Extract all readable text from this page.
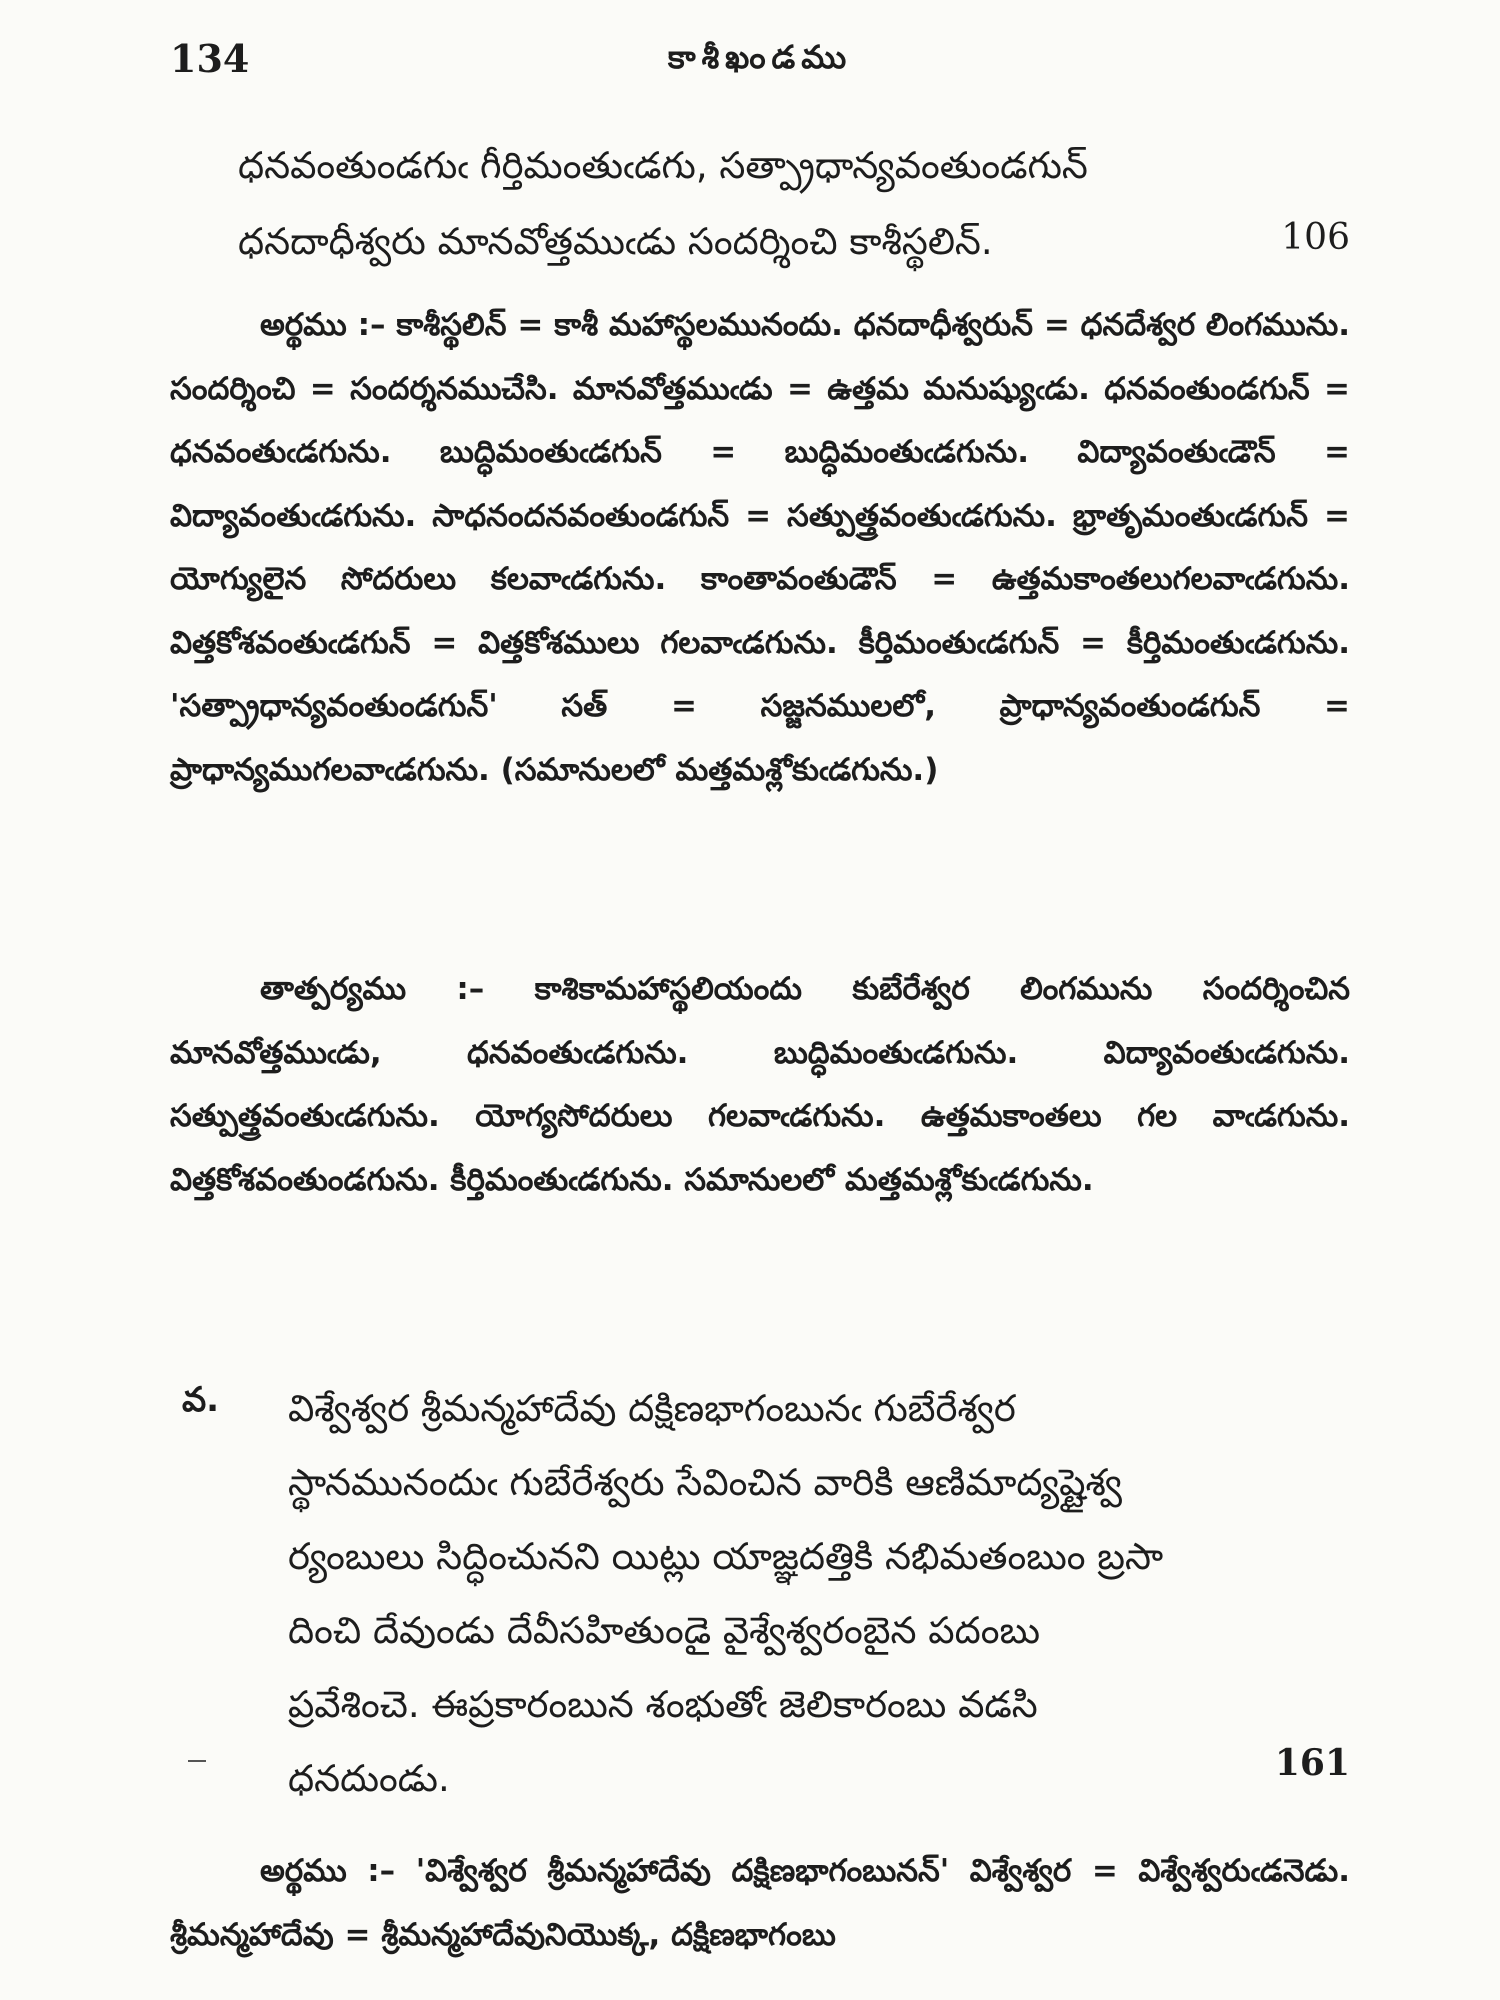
134	కాశీఖండము
ధనవంతుండగుఁ గీర్తిమంతుఁడగు, సత్ప్రాధాన్యవంతుండగున్
ధనదాధీశ్వరు మానవోత్తముఁడు సందర్శించి కాశీస్థలిన్.	106

అర్థము :– కాశీస్థలిన్ = కాశీ మహాస్థలమునందు. ధనదాధీశ్వరున్ = ధనదేశ్వర లింగమును. సందర్శించి = సందర్శనముచేసి. మానవోత్తముఁడు = ఉత్తమ మనుష్యుఁడు. ధనవంతుండగున్ = ధనవంతుఁడగును. బుద్ధిమంతుఁడగున్ = బుద్ధిమంతుఁడగును. విద్యావంతుఁడౌన్ = విద్యావంతుఁడగును. సాధనందనవంతుండగున్ = సత్పుత్త్రవంతుఁడగును. భ్రాతృమంతుఁడగున్ = యోగ్యులైన సోదరులు కలవాఁడగును. కాంతావంతుడౌన్ = ఉత్తమకాంతలుగలవాఁడగును. విత్తకోశవంతుఁడగున్ = విత్తకోశములు గలవాఁడగును. కీర్తిమంతుఁడగున్ = కీర్తిమంతుఁడగును. 'సత్ప్రాధాన్యవంతుండగున్' సత్ = సజ్జనములలో, ప్రాధాన్యవంతుండగున్ = ప్రాధాన్యముగలవాఁడగును. (సమానులలో మత్తమశ్లోకుఁడగును.)

తాత్పర్యము :– కాశికామహాస్థలియందు కుబేరేశ్వర లింగమును సందర్శించిన మానవోత్తముఁడు, ధనవంతుఁడగును. బుద్ధిమంతుఁడగును. విద్యావంతుఁడగును. సత్పుత్త్రవంతుఁడగును. యోగ్యసోదరులు గలవాఁడగును. ఉత్తమకాంతలు గల వాఁడగును. విత్తకోశవంతుండగును. కీర్తిమంతుఁడగును. సమానులలో మత్తమశ్లోకుఁడగును.

వ. విశ్వేశ్వర శ్రీమన్మహాదేవు దక్షిణభాగంబునఁ గుబేరేశ్వర
స్థానమునందుఁ గుబేరేశ్వరు సేవించిన వారికి ఆణిమాద్యష్టైశ్వ
ర్యంబులు సిద్ధించునని యిట్లు యాజ్ఞదత్తికి నభిమతంబుం బ్రసా
దించి దేవుండు దేవీసహితుండై వైశ్వేశ్వరంబైన పదంబు
ప్రవేశించె. ఈప్రకారంబున శంభుతోఁ జెలికారంబు వడసి
ధనదుండు.	161

అర్థము :– 'విశ్వేశ్వర శ్రీమన్మహాదేవు దక్షిణభాగంబునన్' విశ్వేశ్వర = విశ్వేశ్వరుఁడనెడు. శ్రీమన్మహాదేవు = శ్రీమన్మహాదేవునియొక్క, దక్షిణభాగంబు
